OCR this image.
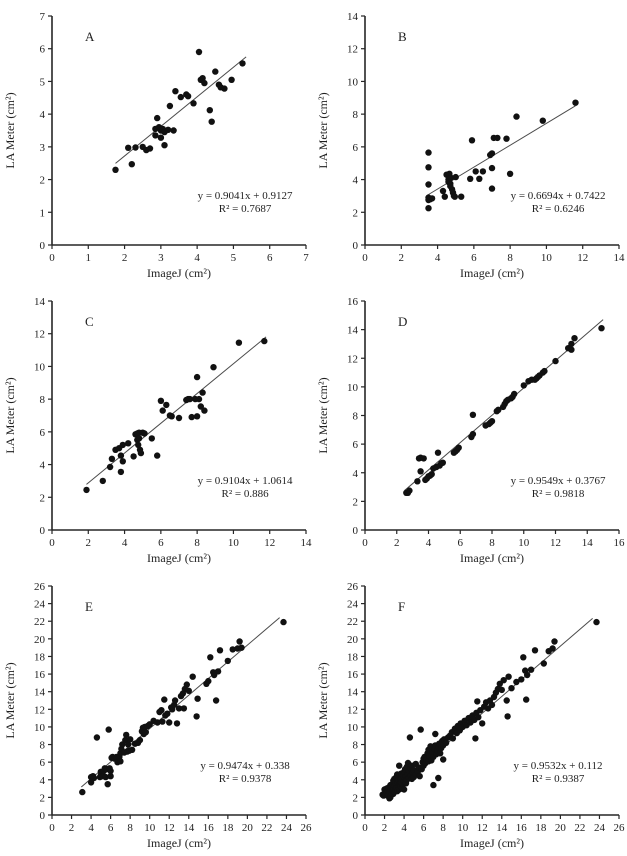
0	1	2	3	4	5	6	7
0
1
2
3
4
5
6
7
ImageJ (cm²)
LA Meter (cm²)
A
y = 0.9041x + 0.9127
R² = 0.7687
0	2	4	6	8	10 12 14
0
2
4
6
8
10
12
14
ImageJ (cm²)
LA Meter (cm²)
B
y = 0.6694x + 0.7422
R² = 0.6246
0	2	4	6	8	10 12 14
0
2
4
6
8
10
12
14
ImageJ (cm²)
LA Meter (cm²)
C
y = 0.9104x + 1.0614
R² = 0.886
0 2 4 6 8 10 12 14 16
0
2
4
6
8
10
12
14
16
ImageJ (cm²)
LA Meter (cm²)
D
y = 0.9549x + 0.3767
R² = 0.9818
0 2 4 6 8 10 12 14 16 18 20 22 24 26
0
2
4
6
8
10
12
14
16
18
20
22
24
26
ImageJ (cm²)
LA Meter (cm²)
E
y = 0.9474x + 0.338
R² = 0.9378
0 2 4 6 8 10 12 14 16 18 20 22 24 26
0
2
4
6
8
10
12
14
16
18
20
22
24
26
ImageJ (cm²)
LA Meter (cm²)
F
y = 0.9532x + 0.112
R² = 0.9387
